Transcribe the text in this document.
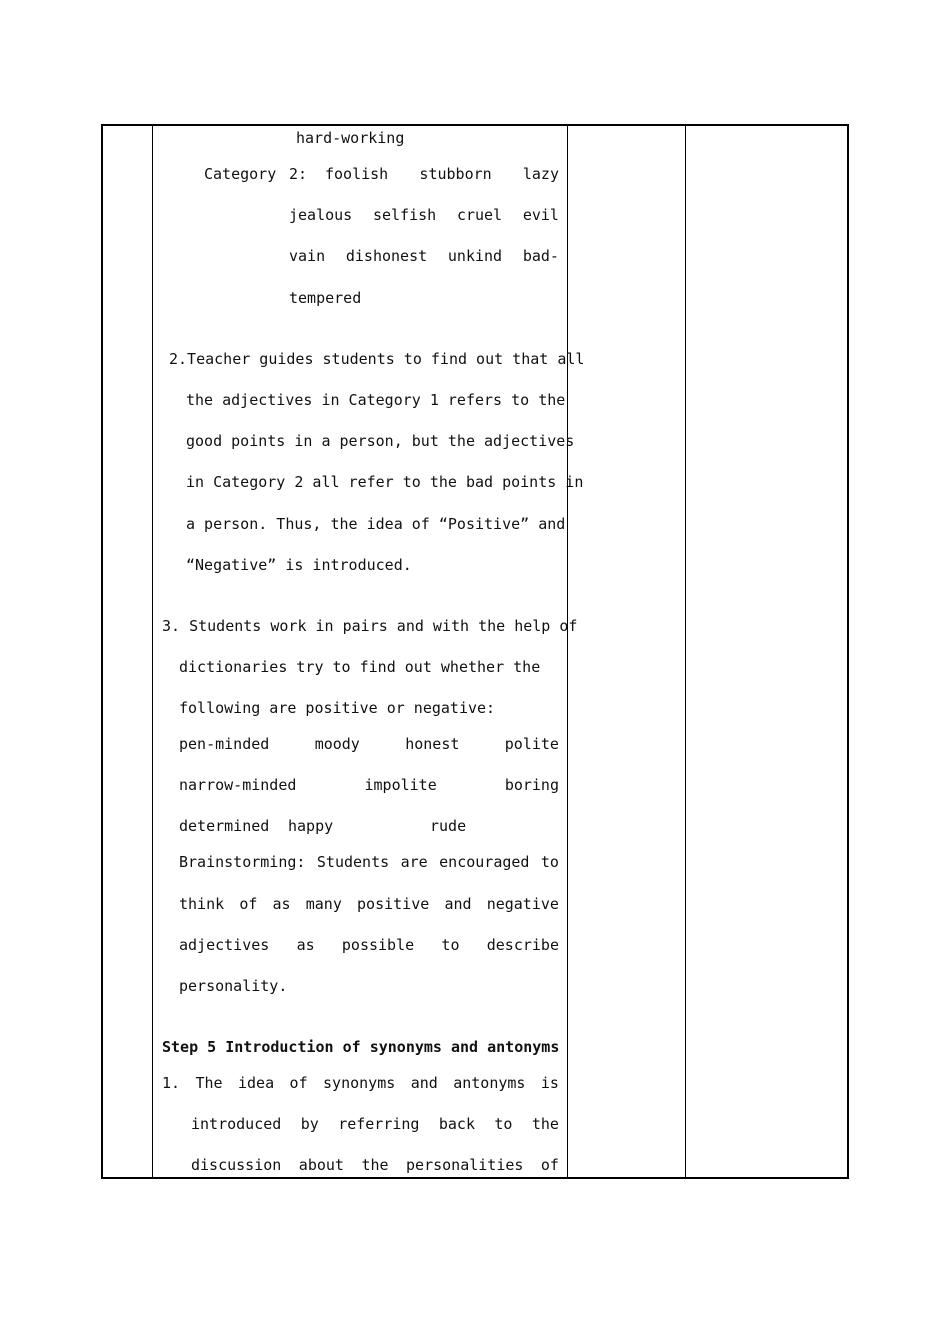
hard-working
Category 2: foolish stubborn lazy
jealous selfish cruel evil
vain dishonest unkind bad-
tempered
2.Teacher guides students to find out that all
the adjectives in Category 1 refers to the
good points in a person, but the adjectives
in Category 2 all refer to the bad points in
a person. Thus, the idea of “Positive” and
“Negative” is introduced.
3. Students work in pairs and with the help of
dictionaries try to find out whether the
following are positive or negative:
pen-minded	moody	honest	polite
narrow-minded	impolite	boring
determined happy	rude
Brainstorming: Students are encouraged to
think of as many positive and negative
adjectives as possible to describe
personality.
Step 5 Introduction of synonyms and antonyms
1. The idea of synonyms and antonyms is
introduced by referring back to the
discussion about the personalities of
